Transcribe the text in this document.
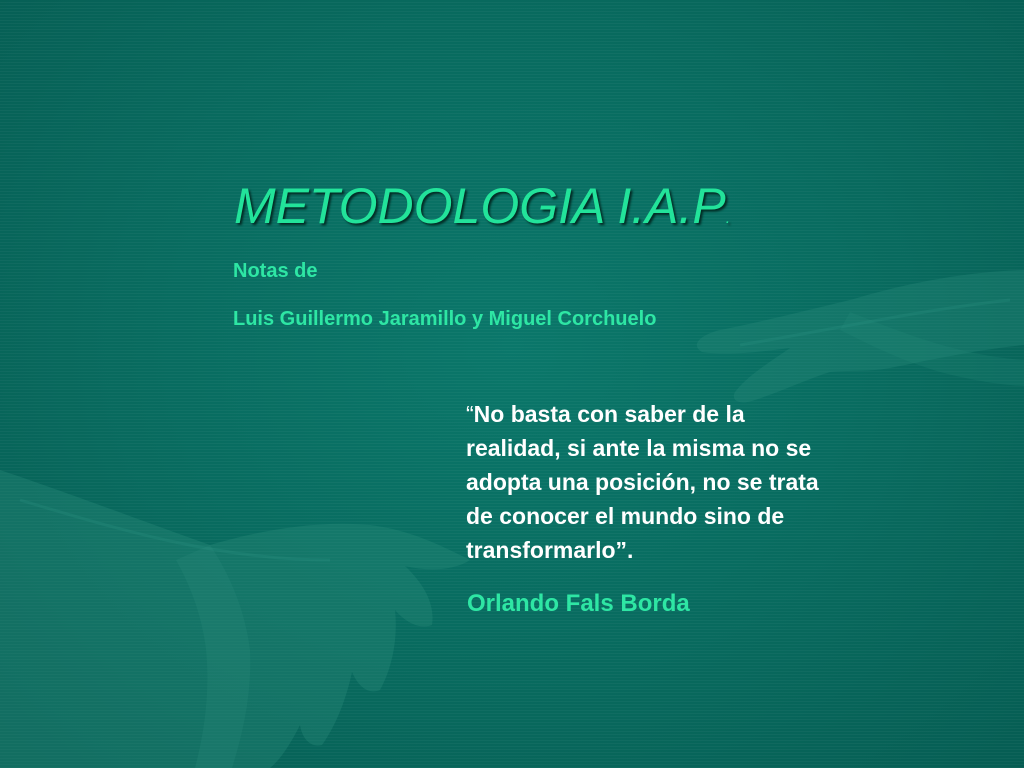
METODOLOGIA I.A.P.

Notas de

Luis Guillermo Jaramillo y Miguel Corchuelo

“No basta con saber de la
realidad, si ante la misma no se
adopta una posición, no se trata
de conocer el mundo sino de
transformarlo”.

Orlando Fals Borda
